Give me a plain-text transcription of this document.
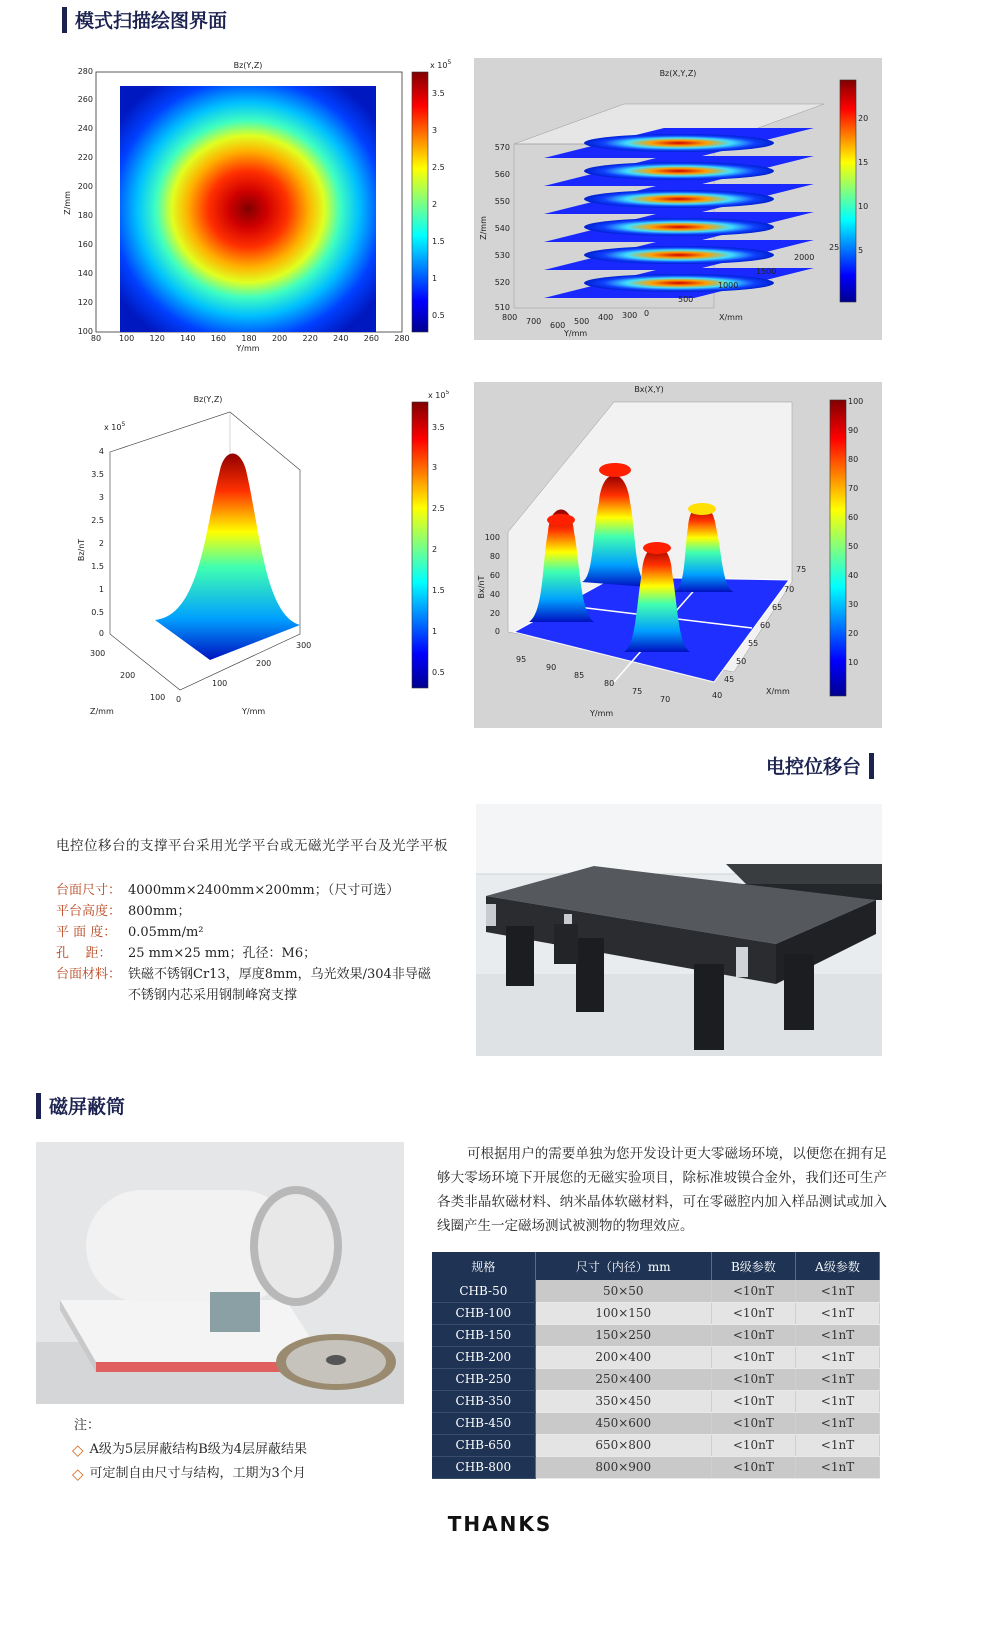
模式扫描绘图界面
Bz(Y,Z)
80 100 120 140 160 180 200 220 240 260 280
100
120
140
160
180
200
220
240
260
280
Y/mm
Z/mm
x $10^5$
3.5
3
2.5
2
1.5
1
0.5
Bz(X,Y,Z)
570
560
550
540
530
520
510
Z/mm
800 700 600 500 400 300
Y/mm
0
500
1000
1500
2000
25
X/mm
20
15
10
5
Bz(Y,Z)
x $10^5$
4
3.5
3
2.5
2
1.5
1
0.5
0
Bz/nT
300
200
100
Z/mm
0
100
200
300
Y/mm
x $10^5$
3.5
3
2.5
2
1.5
1
0.5
Bx(X,Y)
100
80
60
40
20
0
Bx/nT
95
90
85
80
75
70
Y/mm
75
70
65
60
55
50
45
40	X/mm
100
90
80
70
60
50
40
30
20
10
电控位移台
电控位移台的支撑平台采用光学平台或无磁光学平台及光学平板
台面尺寸： 4000mm×2400mm×200mm；（尺寸可选）
平台高度： 800mm；
平 面 度： 0.05mm/m²
孔    距：	25 mm×25 mm；孔径：M6；
台面材料： 铁磁不锈钢Cr13，厚度8mm，乌光效果/304非导磁
不锈钢内芯采用钢制峰窝支撑
磁屏蔽筒
可根据用户的需要单独为您开发设计更大零磁场环境，以便您在拥有足够大零场环境下开展您的无磁实验项目，除标准坡镆合金外，我们还可生产各类非晶软磁材料、纳米晶体软磁材料，可在零磁腔内加入样品测试或加入线圈产生一定磁场测试被测物的物理效应。
规格	尺寸（内径）mm	B级参数	A级参数
CHB-50	50×50	<10nT	<1nT
CHB-100	100×150	<10nT	<1nT
CHB-150	150×250	<10nT	<1nT
CHB-200	200×400	<10nT	<1nT
CHB-250	250×400	<10nT	<1nT
CHB-350	350×450	<10nT	<1nT
CHB-450	450×600	<10nT	<1nT
CHB-650	650×800	<10nT	<1nT
CHB-800	800×900	<10nT	<1nT
注：
◇ A级为5层屏蔽结构B级为4层屏蔽结果
◇ 可定制自由尺寸与结构，工期为3个月
THANKS
